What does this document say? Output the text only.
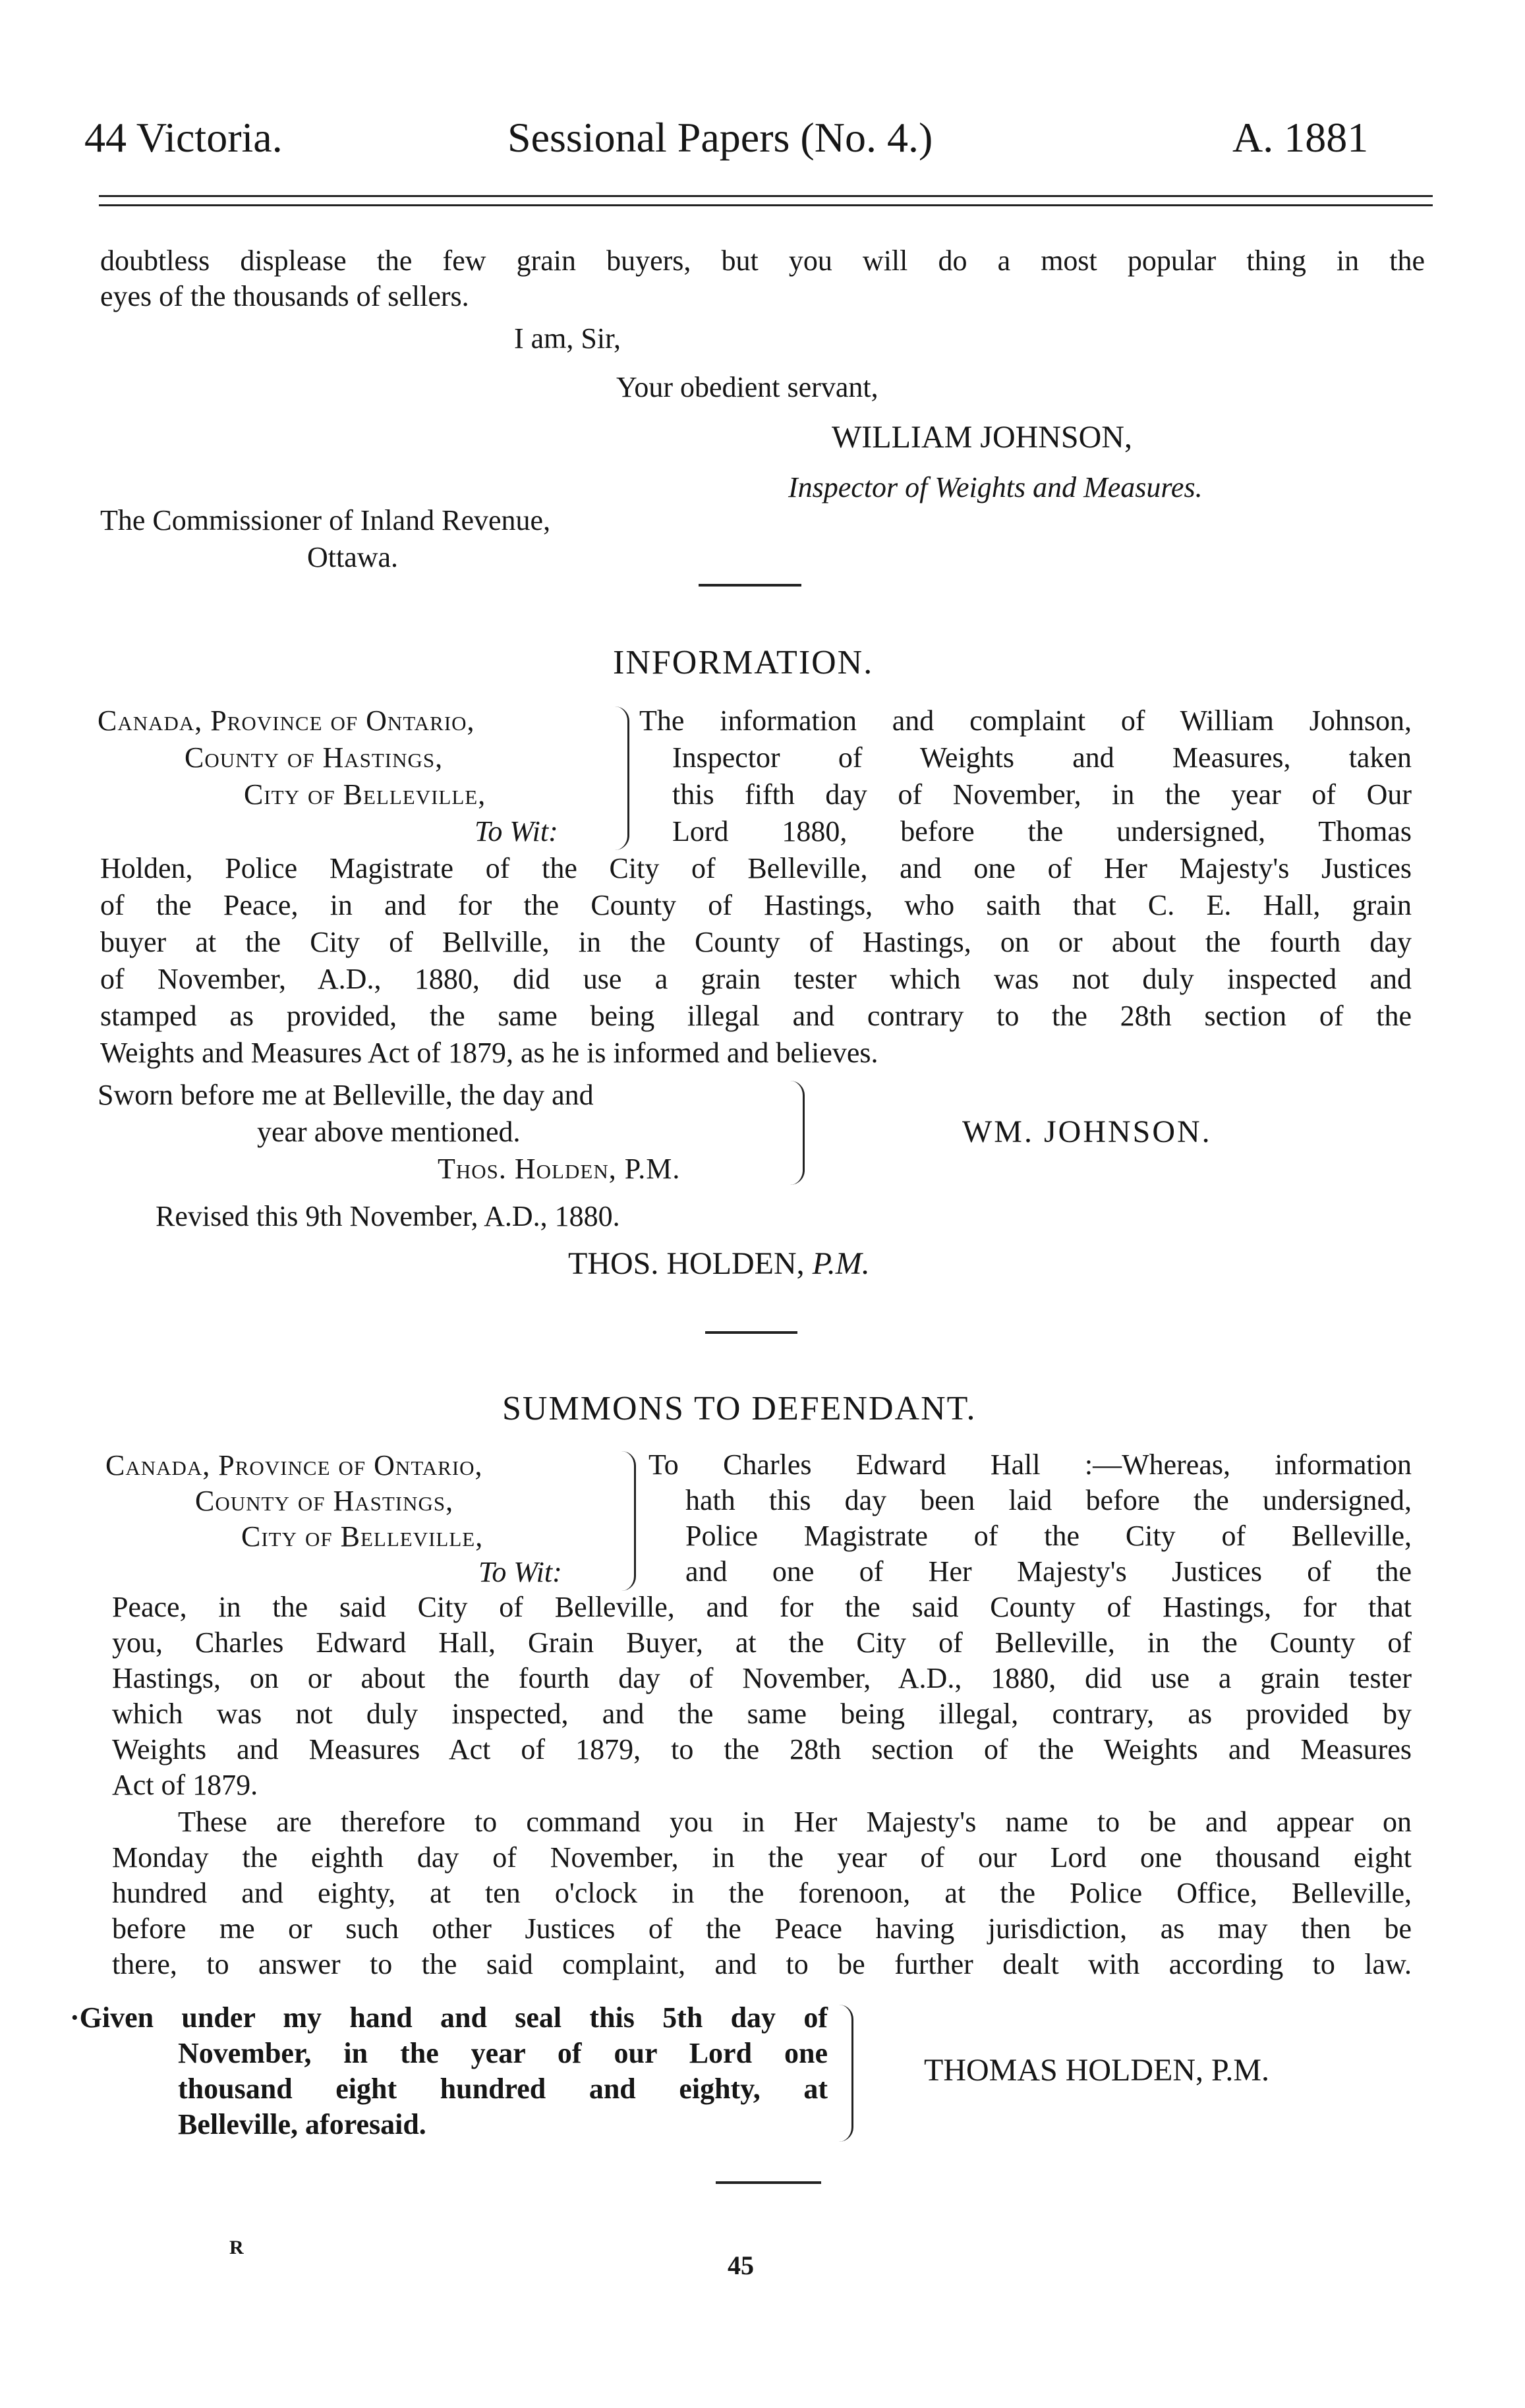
44 Victoria.	Sessional Papers (No. 4.)	A. 1881
doubtless displease the few grain buyers, but you will do a most popular thing in the
eyes of the thousands of sellers.
I am, Sir,
Your obedient servant,
WILLIAM JOHNSON,
Inspector of Weights and Measures.
The Commissioner of Inland Revenue,
Ottawa.
INFORMATION.
Canada, Province of Ontario,
County of Hastings,
City of Belleville,
To Wit:
The information and complaint of William Johnson,
Inspector of Weights and Measures, taken
this fifth day of November, in the year of Our
Lord 1880, before the undersigned, Thomas
Holden, Police Magistrate of the City of Belleville, and one of Her Majesty's Justices
of the Peace, in and for the County of Hastings, who saith that C. E. Hall, grain
buyer at the City of Bellville, in the County of Hastings, on or about the fourth day
of November, A.D., 1880, did use a grain tester which was not duly inspected and
stamped as provided, the same being illegal and contrary to the 28th section of the
Weights and Measures Act of 1879, as he is informed and believes.
Sworn before me at Belleville, the day and
year above mentioned.
Thos. Holden, P.M.
WM. JOHNSON.
Revised this 9th November, A.D., 1880.
THOS. HOLDEN, P.M.
SUMMONS TO DEFENDANT.
Canada, Province of Ontario,
County of Hastings,
City of Belleville,
To Wit:
To Charles Edward Hall :—Whereas, information
hath this day been laid before the undersigned,
Police Magistrate of the City of Belleville,
and one of Her Majesty's Justices of the
Peace, in the said City of Belleville, and for the said County of Hastings, for that
you, Charles Edward Hall, Grain Buyer, at the City of Belleville, in the County of
Hastings, on or about the fourth day of November, A.D., 1880, did use a grain tester
which was not duly inspected, and the same being illegal, contrary, as provided by
Weights and Measures Act of 1879, to the 28th section of the Weights and Measures
Act of 1879.
These are therefore to command you in Her Majesty's name to be and appear on
Monday the eighth day of November, in the year of our Lord one thousand eight
hundred and eighty, at ten o'clock in the forenoon, at the Police Office, Belleville,
before me or such other Justices of the Peace having jurisdiction, as may then be
there, to answer to the said complaint, and to be further dealt with according to law.
·Given under my hand and seal this 5th day of
November, in the year of our Lord one
thousand eight hundred and eighty, at
Belleville, aforesaid.
THOMAS HOLDEN, P.M.
R
45
